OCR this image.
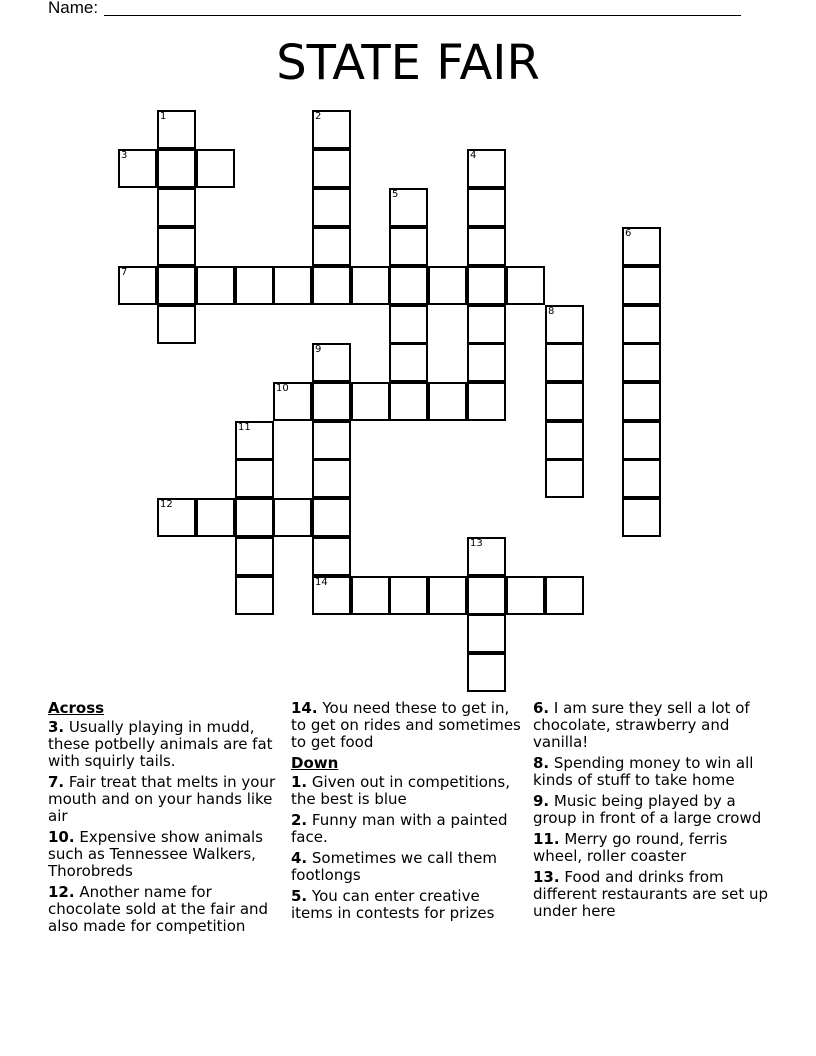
Name:
STATE FAIR
1	2
3	4
5
6
7
8
9
10
11
12
13
14
Across
3. Usually playing in mudd, these potbelly animals are fat with squirly tails.
7. Fair treat that melts in your mouth and on your hands like air
10. Expensive show animals such as Tennessee Walkers, Thorobreds
12. Another name for chocolate sold at the fair and also made for competition
14. You need these to get in, to get on rides and sometimes to get food
Down
1. Given out in competitions, the best is blue
2. Funny man with a painted face.
4. Sometimes we call them footlongs
5. You can enter creative items in contests for prizes
6. I am sure they sell a lot of chocolate, strawberry and vanilla!
8. Spending money to win all kinds of stuff to take home
9. Music being played by a group in front of a large crowd
11. Merry go round, ferris wheel, roller coaster
13. Food and drinks from different restaurants are set up under here
